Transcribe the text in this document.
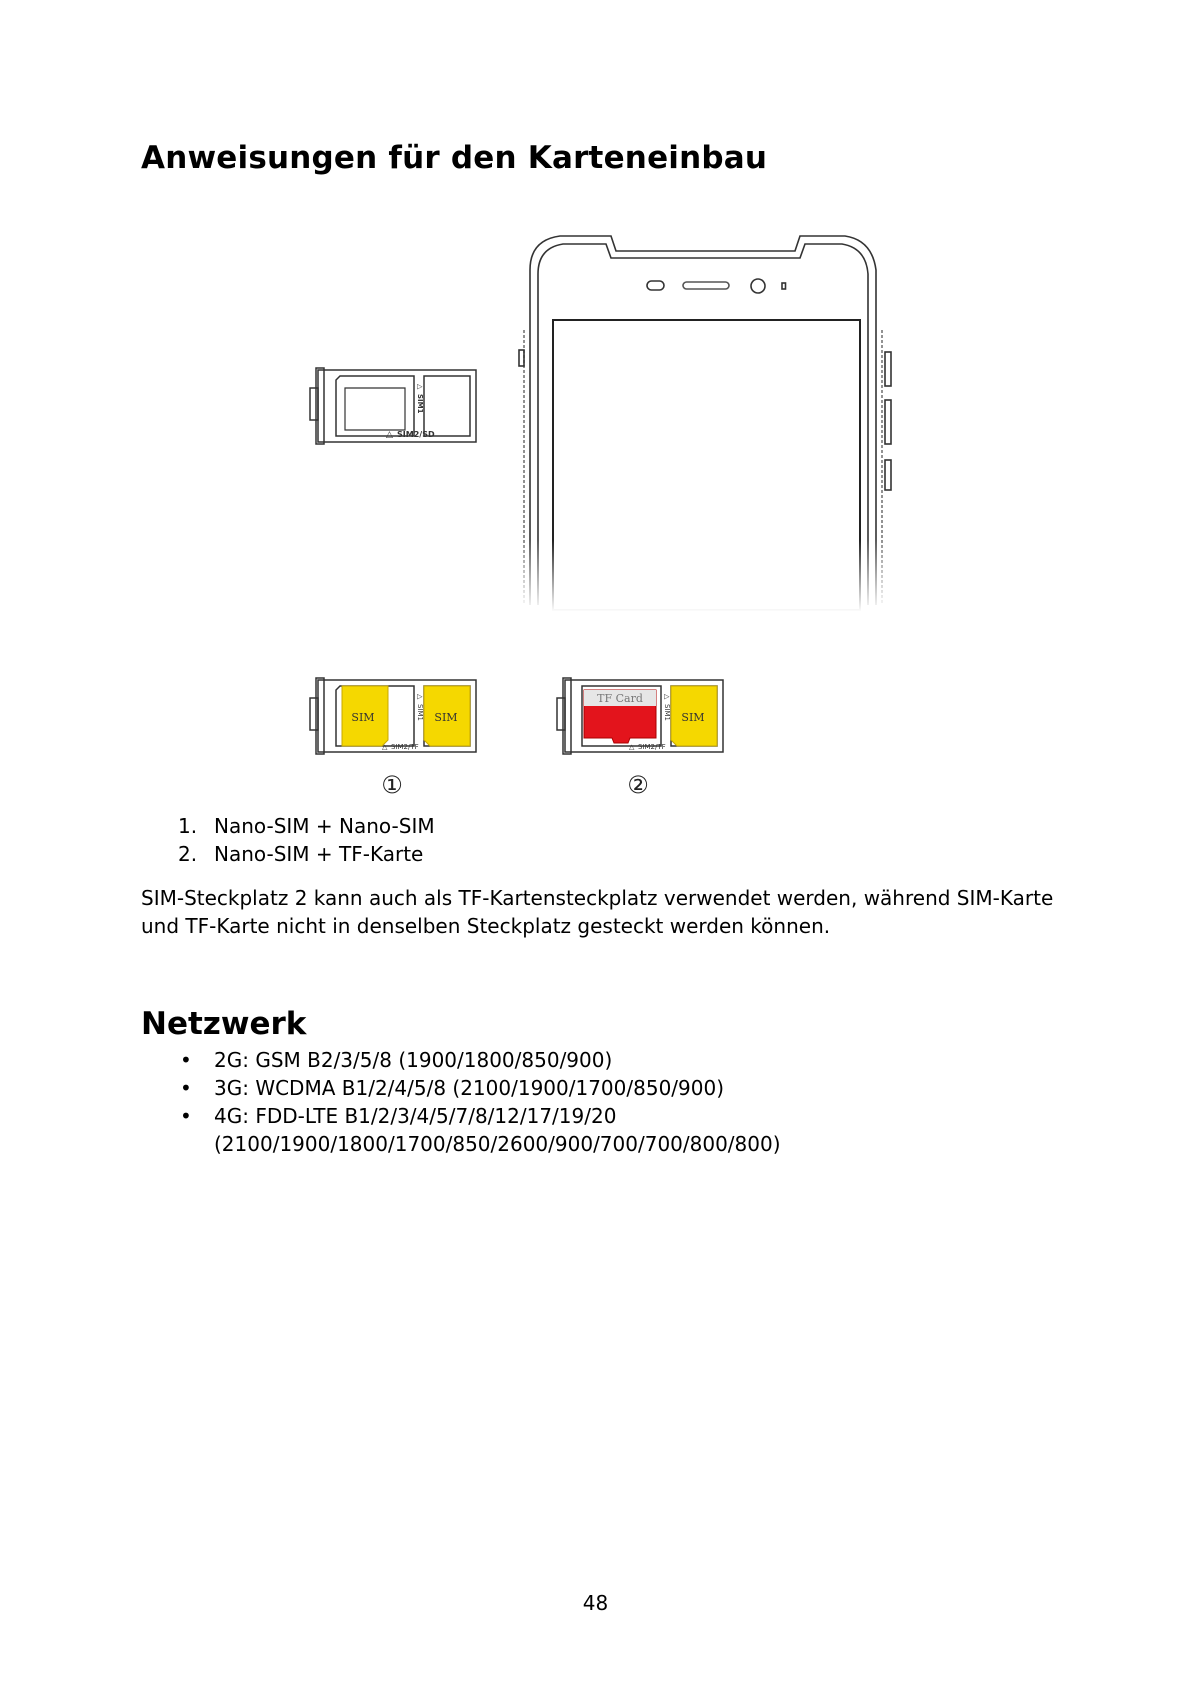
Anweisungen für den Karteneinbau
△ SIM2/SD
△
SIM1
SIM	SIM
△ SIM2/TF
△
SIM1
①
TF Card
SIM
△ SIM2/TF
△
SIM1
②
1. Nano-SIM + Nano-SIM
2. Nano-SIM + TF-Karte

SIM-Steckplatz 2 kann auch als TF-Kartensteckplatz verwendet werden, während SIM-Karte und TF-Karte nicht in denselben Steckplatz gesteckt werden können.

Netzwerk
• 2G: GSM B2/3/5/8 (1900/1800/850/900)
• 3G: WCDMA B1/2/4/5/8 (2100/1900/1700/850/900)
• 4G: FDD-LTE B1/2/3/4/5/7/8/12/17/19/20 (2100/1900/1800/1700/850/2600/900/700/700/800/800)
48
